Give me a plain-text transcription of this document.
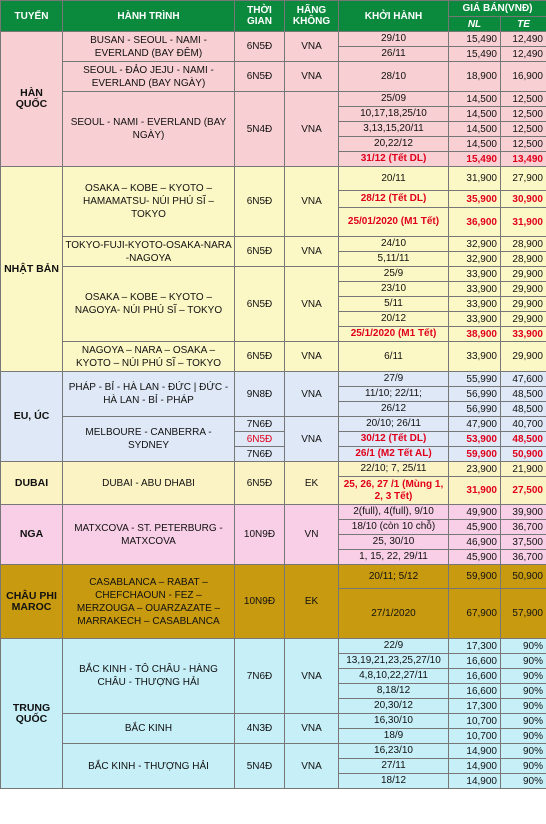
TUYẾN	HÀNH TRÌNH	THỜI GIAN	HÃNG KHÔNG	KHỞI HÀNH	GIÁ BÁN(VNĐ)	
					NL	TE
HÀN QUỐC	BUSAN - SEOUL - NAMI - EVERLAND (BAY ĐÊM)	6N5Đ	VNA	29/10	15,490	12,490
				26/11	15,490	12,490
	SEOUL - ĐẢO JEJU - NAMI - EVERLAND (BAY NGÀY)	6N5Đ	VNA	28/10	18,900	16,900
	SEOUL - NAMI - EVERLAND (BAY NGÀY)	5N4Đ	VNA	25/09	14,500	12,500
				10,17,18,25/10	14,500	12,500
				3,13,15,20/11	14,500	12,500
				20,22/12	14,500	12,500
				31/12 (Tết DL)	15,490	13,490
NHẬT BẢN	OSAKA – KOBE – KYOTO – HAMAMATSU- NÚI PHÚ SĨ – TOKYO	6N5Đ	VNA	20/11	31,900	27,900
				28/12 (Tết DL)	35,900	30,900
				25/01/2020 (M1 Tết)	36,900	31,900
	TOKYO-FUJI-KYOTO-OSAKA-NARA -NAGOYA	6N5Đ	VNA	24/10	32,900	28,900
				5,11/11	32,900	28,900
	OSAKA – KOBE – KYOTO – NAGOYA- NÚI PHÚ SĨ – TOKYO	6N5Đ	VNA	25/9	33,900	29,900
				23/10	33,900	29,900
				5/11	33,900	29,900
				20/12	33,900	29,900
				25/1/2020 (M1 Tết)	38,900	33,900
	NAGOYA – NARA – OSAKA – KYOTO – NÚI PHÚ SĨ – TOKYO	6N5Đ	VNA	6/11	33,900	29,900
EU, ÚC	PHÁP - BỈ - HÀ LAN - ĐỨC | ĐỨC - HÀ LAN - BỈ - PHÁP	9N8Đ	VNA	27/9	55,990	47,600
				11/10; 22/11;	56,990	48,500
				26/12	56,990	48,500
	MELBOURE - CANBERRA - SYDNEY	7N6Đ	VNA	20/10; 26/11	47,900	40,700
		6N5Đ		30/12 (Tết DL)	53,900	48,500
		7N6Đ		26/1 (M2 Tết AL)	59,900	50,900
DUBAI	DUBAI - ABU DHABI	6N5Đ	EK	22/10; 7, 25/11	23,900	21,900
				25, 26, 27 /1 (Mùng 1, 2, 3 Tết)	31,900	27,500
NGA	MATXCOVA - ST. PETERBURG - MATXCOVA	10N9Đ	VN	2(full), 4(full), 9/10	49,900	39,900
				18/10 (còn 10 chỗ)	45,900	36,700
				25, 30/10	46,900	37,500
				1, 15, 22, 29/11	45,900	36,700
CHÂU PHI MAROC	CASABLANCA – RABAT – CHEFCHAOUN - FEZ – MERZOUGA – OUARZAZATE – MARRAKECH – CASABLANCA	10N9Đ	EK	20/11; 5/12	59,900	50,900
				27/1/2020	67,900	57,900
TRUNG QUỐC	BẮC KINH - TÔ CHÂU - HÀNG CHÂU - THƯỢNG HẢI	7N6Đ	VNA	22/9	17,300	90%
				13,19,21,23,25,27/10	16,600	90%
				4,8,10,22,27/11	16,600	90%
				8,18/12	16,600	90%
				20,30/12	17,300	90%
	BẮC KINH	4N3Đ	VNA	16,30/10	10,700	90%
				18/9	10,700	90%
	BẮC KINH - THƯỢNG HẢI	5N4Đ	VNA	16,23/10	14,900	90%
				27/11	14,900	90%
				18/12	14,900	90%
